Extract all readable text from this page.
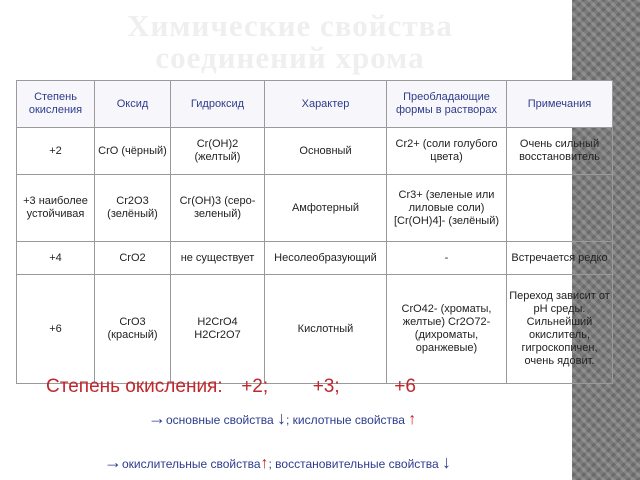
Химические свойства
соединений хрома
Степень окисления	Оксид	Гидроксид	Характер	Преобладающие формы в растворах	Примечания
+2	CrO (чёрный)	Cr(OH)2 (желтый)	Основный	Cr2+ (соли голубого цвета)	Очень сильный восстановитель
+3 наиболее устойчивая	Cr2O3 (зелёный)	Cr(OH)3 (серо-зеленый)	Амфотерный	Cr3+ (зеленые или лиловые соли) [Cr(OH)4]- (зелёный)	
+4	CrO2	не существует	Несолеобразующий	-	Встречается редко
+6	CrO3 (красный)	H2CrO4 H2Cr2O7	Кислотный	CrO42- (хроматы, желтые) Cr2O72- (дихроматы, оранжевые)	Переход зависит от pH среды. Сильнейший окислитель, гигроскопичен, очень ядовит.
Степень окисления: +2; +3;	+6
→основные свойства ↓; кислотные свойства ↑
→окислительные свойства↑; восстановительные свойства ↓
